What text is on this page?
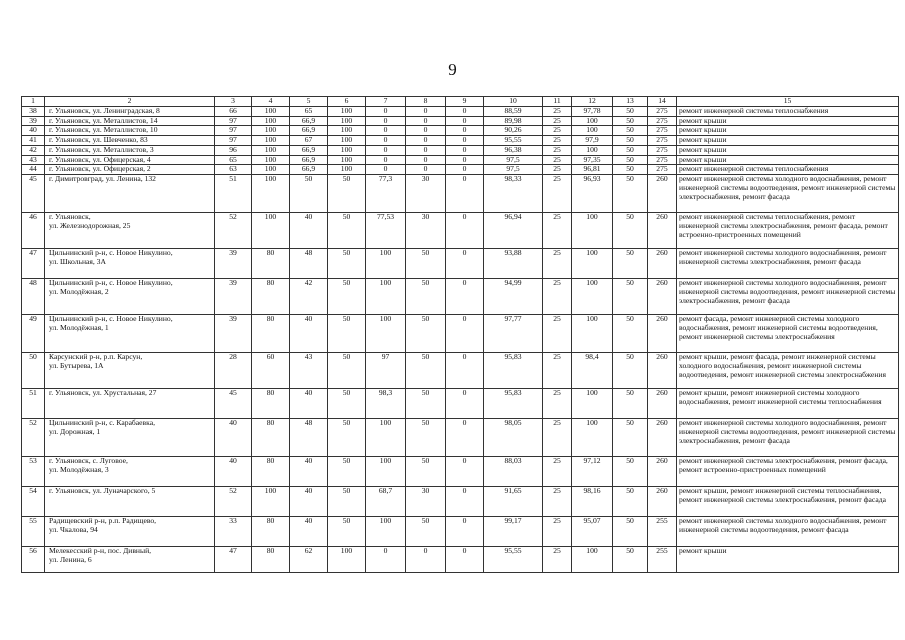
9
1	2	3	4	5	6	7	8	9	10	11	12	13	14	15
38	г. Ульяновск, ул. Ленинградская, 8	66	100	65	100	0	0	0	88,59	25	97,78	50	275	ремонт инженерной системы теплоснабжения
39	г. Ульяновск, ул. Металлистов, 14	97	100	66,9	100	0	0	0	89,98	25	100	50	275	ремонт крыши
40	г. Ульяновск, ул. Металлистов, 10	97	100	66,9	100	0	0	0	90,26	25	100	50	275	ремонт крыши
41	г. Ульяновск, ул. Шевченко, 83	97	100	67	100	0	0	0	95,55	25	97,9	50	275	ремонт крыши
42	г. Ульяновск, ул. Металлистов, 3	96	100	66,9	100	0	0	0	96,38	25	100	50	275	ремонт крыши
43	г. Ульяновск, ул. Офицерская, 4	65	100	66,9	100	0	0	0	97,5	25	97,35	50	275	ремонт крыши
44	г. Ульяновск, ул. Офицерская, 2	63	100	66,9	100	0	0	0	97,5	25	96,81	50	275	ремонт инженерной системы теплоснабжения
45	г. Димитровград, ул. Ленина, 132	51	100	50	50	77,3	30	0	98,33	25	96,93	50	260	ремонт инженерной системы холодного водоснабжения, ремонт инженерной системы водоотведения, ремонт инженерной системы электроснабжения, ремонт фасада
46	г. Ульяновск,
ул. Железнодорожная, 25	52	100	40	50	77,53	30	0	96,94	25	100	50	260	ремонт инженерной системы теплоснабжения, ремонт инженерной системы электроснабжения, ремонт фасада, ремонт встроенно-пристроенных помещений
47	Цильнинский р-н, с. Новое Никулино,
ул. Школьная, 3А	39	80	48	50	100	50	0	93,88	25	100	50	260	ремонт инженерной системы холодного водоснабжения, ремонт инженерной системы электроснабжения, ремонт фасада
48	Цильнинский р-н, с. Новое Никулино,
ул. Молодёжная, 2	39	80	42	50	100	50	0	94,99	25	100	50	260	ремонт инженерной системы холодного водоснабжения, ремонт инженерной системы водоотведения, ремонт инженерной системы электроснабжения, ремонт фасада
49	Цильнинский р-н, с. Новое Никулино,
ул. Молодёжная, 1	39	80	40	50	100	50	0	97,77	25	100	50	260	ремонт фасада, ремонт инженерной системы холодного водоснабжения, ремонт инженерной системы водоотведения, ремонт инженерной системы электроснабжения
50	Карсунский р-н, р.п. Карсун,
ул. Бутырева, 1А	28	60	43	50	97	50	0	95,83	25	98,4	50	260	ремонт крыши, ремонт фасада, ремонт инженерной системы холодного водоснабжения, ремонт инженерной системы водоотведения, ремонт инженерной системы электроснабжения
51	г. Ульяновск, ул. Хрустальная, 27	45	80	40	50	98,3	50	0	95,83	25	100	50	260	ремонт крыши, ремонт инженерной системы холодного водоснабжения, ремонт инженерной системы теплоснабжения
52	Цильнинский р-н, с. Карабаевка,
ул. Дорожная, 1	40	80	48	50	100	50	0	98,05	25	100	50	260	ремонт инженерной системы холодного водоснабжения, ремонт инженерной системы водоотведения, ремонт инженерной системы электроснабжения, ремонт фасада
53	г. Ульяновск, с. Луговое,
ул. Молодёжная, 3	40	80	40	50	100	50	0	88,03	25	97,12	50	260	ремонт инженерной системы электроснабжения, ремонт фасада, ремонт встроенно-пристроенных помещений
54	г. Ульяновск, ул. Луначарского, 5	52	100	40	50	68,7	30	0	91,65	25	98,16	50	260	ремонт крыши, ремонт инженерной системы теплоснабжения, ремонт инженерной системы электроснабжения, ремонт фасада
55	Радищевский р-н, р.п. Радищево,
ул. Чкалова, 94	33	80	40	50	100	50	0	99,17	25	95,07	50	255	ремонт инженерной системы холодного водоснабжения, ремонт инженерной системы водоотведения, ремонт фасада
56	Мелекесский р-н, пос. Дивный,
ул. Ленина, 6	47	80	62	100	0	0	0	95,55	25	100	50	255	ремонт крыши
